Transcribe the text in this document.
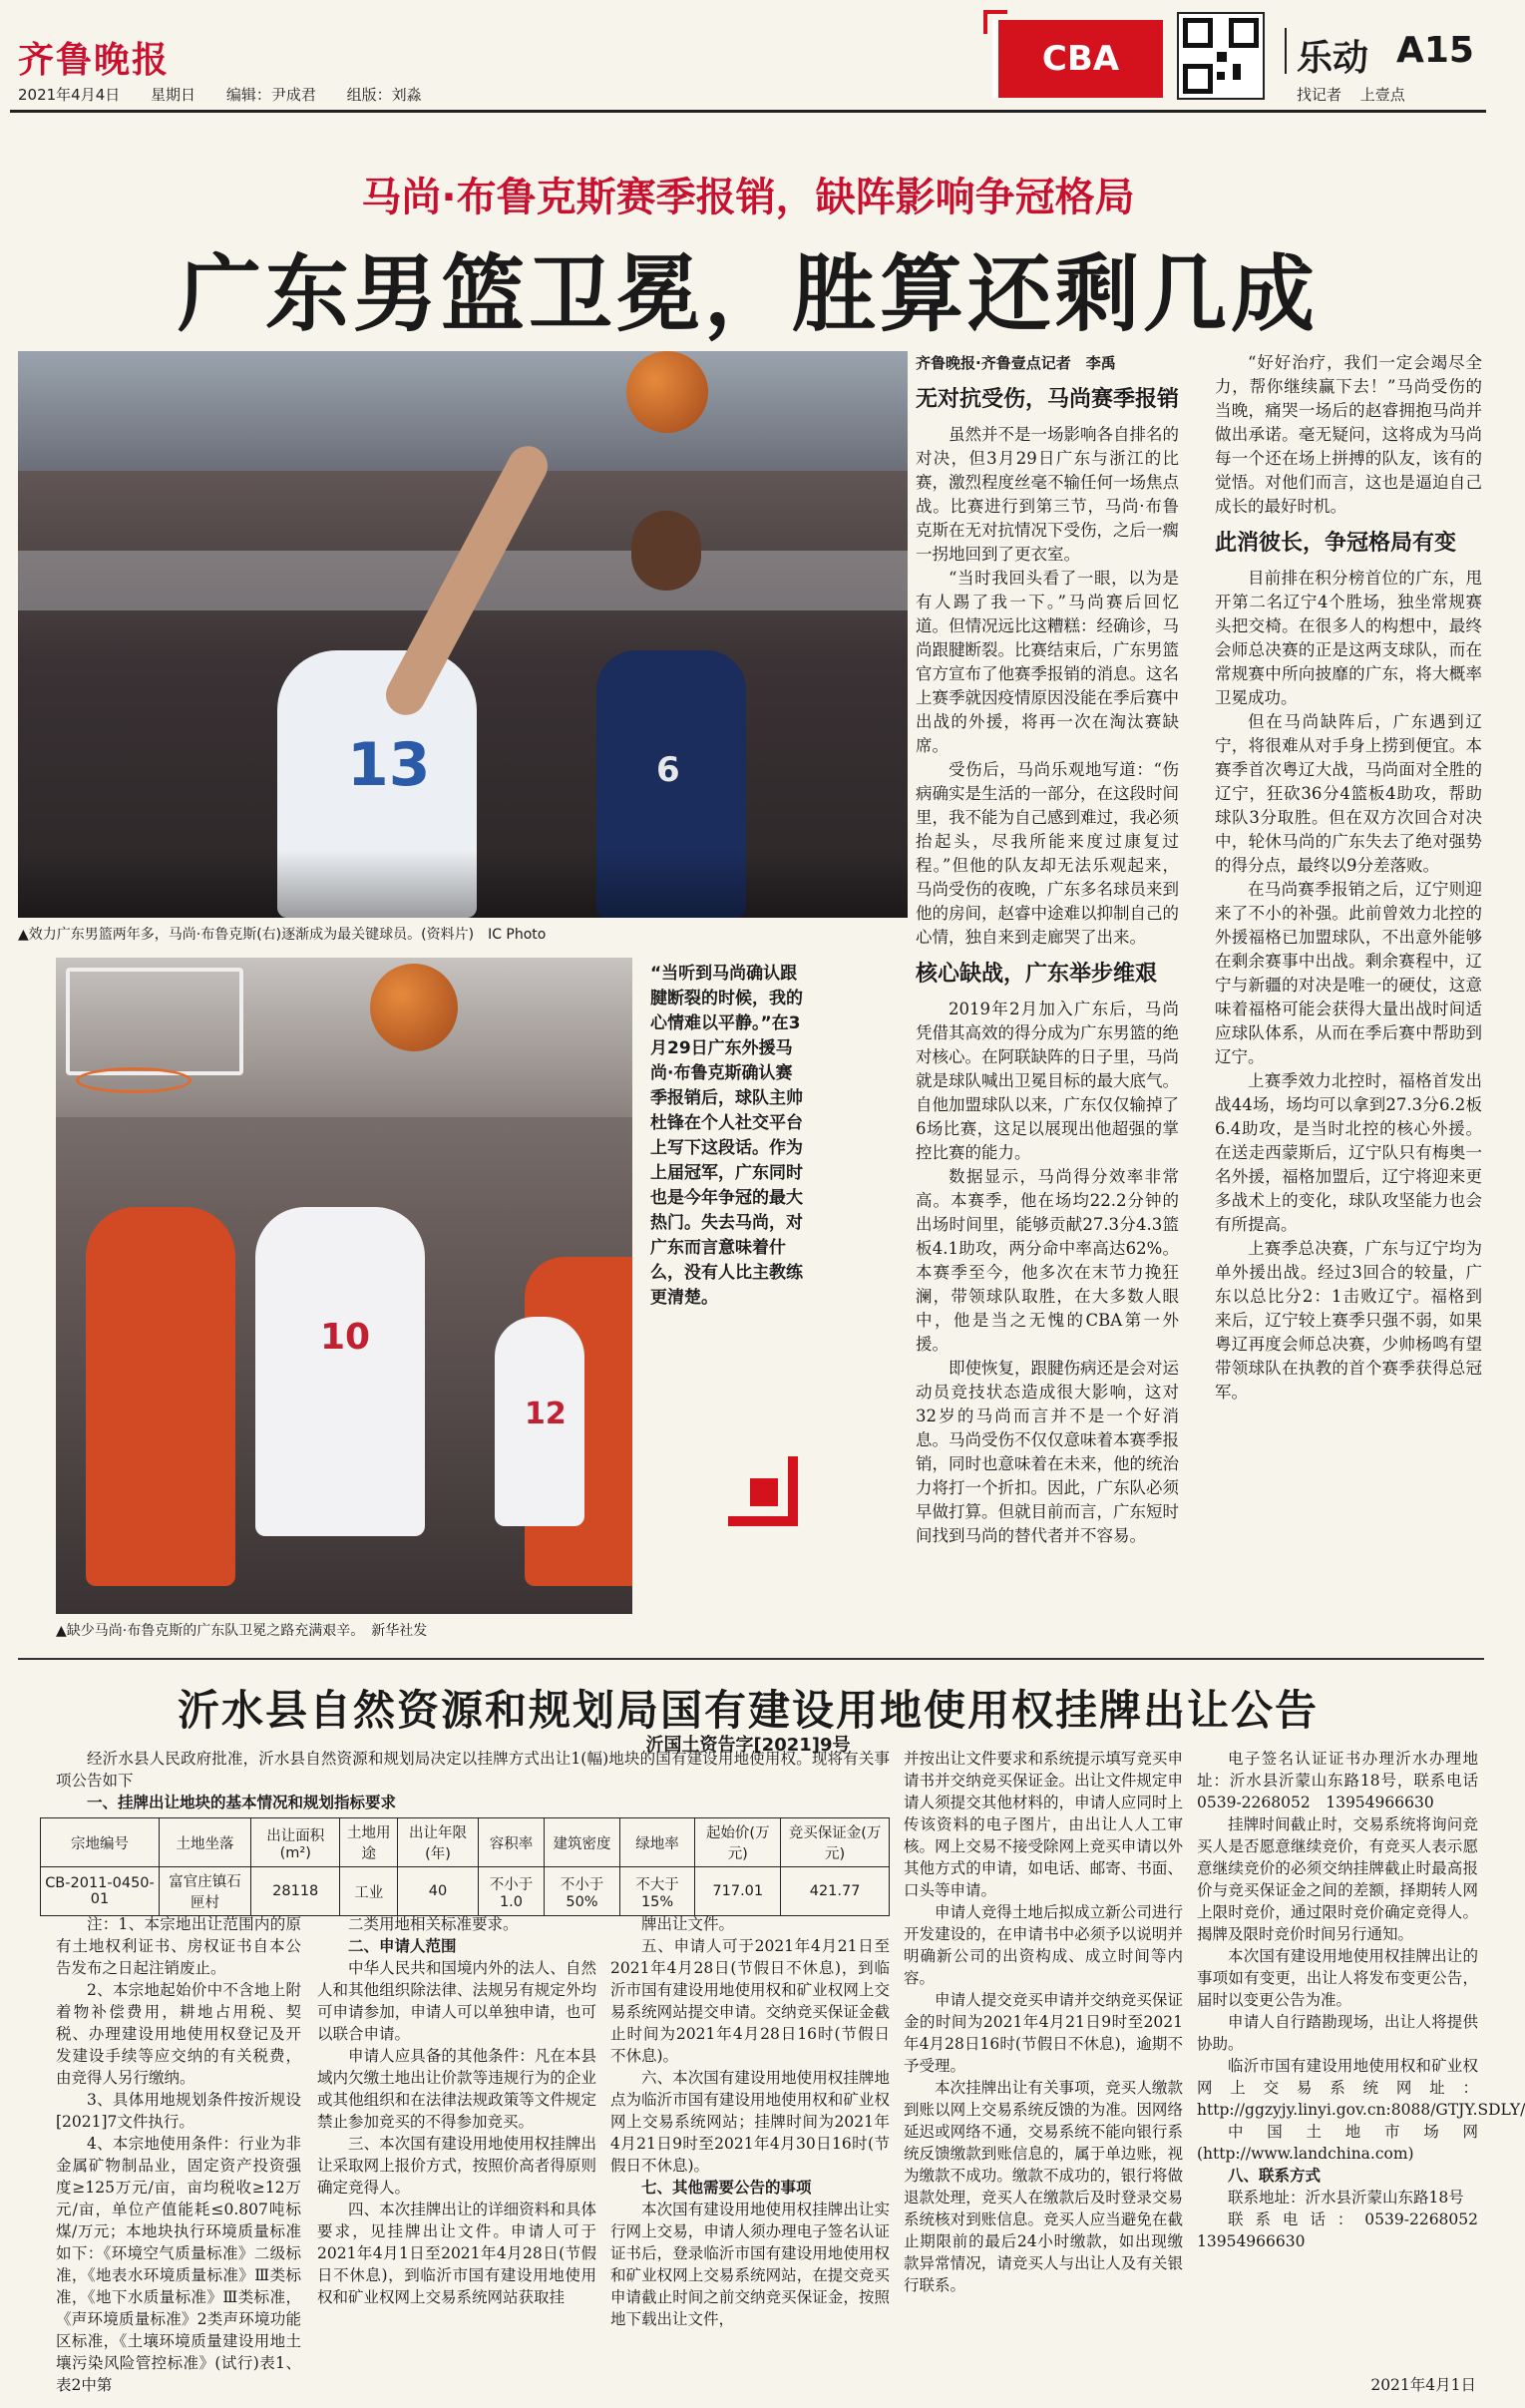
齐鲁晚报
2021年4月4日 星期日 编辑：尹成君 组版：刘淼
CBA	乐动 A15
找记者 上壹点
马尚·布鲁克斯赛季报销，缺阵影响争冠格局
广东男篮卫冕，胜算还剩几成
13	6
▲效力广东男篮两年多，马尚·布鲁克斯(右)逐渐成为最关键球员。(资料片)　IC Photo
10
12
▲缺少马尚·布鲁克斯的广东队卫冕之路充满艰辛。　新华社发
“当听到马尚确认跟腱断裂的时候，我的心情难以平静。”在3月29日广东外援马尚·布鲁克斯确认赛季报销后，球队主帅杜锋在个人社交平台上写下这段话。作为上届冠军，广东同时也是今年争冠的最大热门。失去马尚，对广东而言意味着什么，没有人比主教练更清楚。
齐鲁晚报·齐鲁壹点记者　李禹
无对抗受伤，马尚赛季报销

虽然并不是一场影响各自排名的对决，但3月29日广东与浙江的比赛，激烈程度丝毫不输任何一场焦点战。比赛进行到第三节，马尚·布鲁克斯在无对抗情况下受伤，之后一瘸一拐地回到了更衣室。

“当时我回头看了一眼，以为是有人踢了我一下。”马尚赛后回忆道。但情况远比这糟糕：经确诊，马尚跟腱断裂。比赛结束后，广东男篮官方宣布了他赛季报销的消息。这名上赛季就因疫情原因没能在季后赛中出战的外援，将再一次在淘汰赛缺席。

受伤后，马尚乐观地写道：“伤病确实是生活的一部分，在这段时间里，我不能为自己感到难过，我必须抬起头，尽我所能来度过康复过程。”但他的队友却无法乐观起来，马尚受伤的夜晚，广东多名球员来到他的房间，赵睿中途难以抑制自己的心情，独自来到走廊哭了出来。

核心缺战，广东举步维艰

2019年2月加入广东后，马尚凭借其高效的得分成为广东男篮的绝对核心。在阿联缺阵的日子里，马尚就是球队喊出卫冕目标的最大底气。自他加盟球队以来，广东仅仅输掉了6场比赛，这足以展现出他超强的掌控比赛的能力。

数据显示，马尚得分效率非常高。本赛季，他在场均22.2分钟的出场时间里，能够贡献27.3分4.3篮板4.1助攻，两分命中率高达62%。本赛季至今，他多次在末节力挽狂澜，带领球队取胜，在大多数人眼中，他是当之无愧的CBA第一外援。

即使恢复，跟腱伤病还是会对运动员竞技状态造成很大影响，这对32岁的马尚而言并不是一个好消息。马尚受伤不仅仅意味着本赛季报销，同时也意味着在未来，他的统治力将打一个折扣。因此，广东队必须早做打算。但就目前而言，广东短时间找到马尚的替代者并不容易。

“好好治疗，我们一定会竭尽全力，帮你继续赢下去！”马尚受伤的当晚，痛哭一场后的赵睿拥抱马尚并做出承诺。毫无疑问，这将成为马尚每一个还在场上拼搏的队友，该有的觉悟。对他们而言，这也是逼迫自己成长的最好时机。

此消彼长，争冠格局有变

目前排在积分榜首位的广东，甩开第二名辽宁4个胜场，独坐常规赛头把交椅。在很多人的构想中，最终会师总决赛的正是这两支球队，而在常规赛中所向披靡的广东，将大概率卫冕成功。

但在马尚缺阵后，广东遇到辽宁，将很难从对手身上捞到便宜。本赛季首次粤辽大战，马尚面对全胜的辽宁，狂砍36分4篮板4助攻，帮助球队3分取胜。但在双方次回合对决中，轮休马尚的广东失去了绝对强势的得分点，最终以9分差落败。

在马尚赛季报销之后，辽宁则迎来了不小的补强。此前曾效力北控的外援福格已加盟球队，不出意外能够在剩余赛事中出战。剩余赛程中，辽宁与新疆的对决是唯一的硬仗，这意味着福格可能会获得大量出战时间适应球队体系，从而在季后赛中帮助到辽宁。

上赛季效力北控时，福格首发出战44场，场均可以拿到27.3分6.2板6.4助攻，是当时北控的核心外援。在送走西蒙斯后，辽宁队只有梅奥一名外援，福格加盟后，辽宁将迎来更多战术上的变化，球队攻坚能力也会有所提高。

上赛季总决赛，广东与辽宁均为单外援出战。经过3回合的较量，广东以总比分2：1击败辽宁。福格到来后，辽宁较上赛季只强不弱，如果粤辽再度会师总决赛，少帅杨鸣有望带领球队在执教的首个赛季获得总冠军。

沂水县自然资源和规划局国有建设用地使用权挂牌出让公告
沂国土资告字[2021]9号

经沂水县人民政府批准，沂水县自然资源和规划局决定以挂牌方式出让1(幅)地块的国有建设用地使用权。现将有关事项公告如下

一、挂牌出让地块的基本情况和规划指标要求

宗地编号	土地坐落	出让面积(m²)	土地用途	出让年限(年)	容积率	建筑密度	绿地率	起始价(万元)	竞买保证金(万元)
CB-2011-0450-01	富官庄镇石匣村	28118	工业	40	不小于1.0	不小于50%	不大于15%	717.01	421.77

注：1、本宗地出让范围内的原有土地权利证书、房权证书自本公告发布之日起注销废止。

2、本宗地起始价中不含地上附着物补偿费用，耕地占用税、契税、办理建设用地使用权登记及开发建设手续等应交纳的有关税费，由竞得人另行缴纳。

3、具体用地规划条件按沂规设[2021]7文件执行。

4、本宗地使用条件：行业为非金属矿物制品业，固定资产投资强度≥125万元/亩，亩均税收≥12万元/亩，单位产值能耗≤0.807吨标煤/万元；本地块执行环境质量标准如下：《环境空气质量标准》二级标准，《地表水环境质量标准》Ⅲ类标准，《地下水质量标准》Ⅲ类标准，《声环境质量标准》2类声环境功能区标准，《土壤环境质量建设用地土壤污染风险管控标准》(试行)表1、表2中第

二类用地相关标准要求。

二、申请人范围

中华人民共和国境内外的法人、自然人和其他组织除法律、法规另有规定外均可申请参加，申请人可以单独申请，也可以联合申请。

申请人应具备的其他条件：凡在本县域内欠缴土地出让价款等违规行为的企业或其他组织和在法律法规政策等文件规定禁止参加竞买的不得参加竞买。

三、本次国有建设用地使用权挂牌出让采取网上报价方式，按照价高者得原则确定竞得人。

四、本次挂牌出让的详细资料和具体要求，见挂牌出让文件。申请人可于2021年4月1日至2021年4月28日(节假日不休息)，到临沂市国有建设用地使用权和矿业权网上交易系统网站获取挂

牌出让文件。

五、申请人可于2021年4月21日至2021年4月28日(节假日不休息)，到临沂市国有建设用地使用权和矿业权网上交易系统网站提交申请。交纳竞买保证金截止时间为2021年4月28日16时(节假日不休息)。

六、本次国有建设用地使用权挂牌地点为临沂市国有建设用地使用权和矿业权网上交易系统网站；挂牌时间为2021年4月21日9时至2021年4月30日16时(节假日不休息)。

七、其他需要公告的事项

本次国有建设用地使用权挂牌出让实行网上交易，申请人须办理电子签名认证证书后，登录临沂市国有建设用地使用权和矿业权网上交易系统网站，在提交竞买申请截止时间之前交纳竞买保证金，按照地下载出让文件，

并按出让文件要求和系统提示填写竞买申请书并交纳竞买保证金。出让文件规定申请人须提交其他材料的，申请人应同时上传该资料的电子图片，由出让人人工审核。网上交易不接受除网上竞买申请以外其他方式的申请，如电话、邮寄、书面、口头等申请。

申请人竞得土地后拟成立新公司进行开发建设的，在申请书中必须予以说明并明确新公司的出资构成、成立时间等内容。

申请人提交竞买申请并交纳竞买保证金的时间为2021年4月21日9时至2021年4月28日16时(节假日不休息)，逾期不予受理。

本次挂牌出让有关事项，竞买人缴款到账以网上交易系统反馈的为准。因网络延迟或网络不通，交易系统不能向银行系统反馈缴款到账信息的，属于单边账，视为缴款不成功。缴款不成功的，银行将做退款处理，竞买人在缴款后及时登录交易系统核对到账信息。竞买人应当避免在截止期限前的最后24小时缴款，如出现缴款异常情况，请竞买人与出让人及有关银行联系。

电子签名认证证书办理沂水办理地址：沂水县沂蒙山东路18号，联系电话0539-2268052　13954966630

挂牌时间截止时，交易系统将询问竞买人是否愿意继续竞价，有竞买人表示愿意继续竞价的必须交纳挂牌截止时最高报价与竞买保证金之间的差额，择期转人网上限时竞价，通过限时竞价确定竞得人。揭牌及限时竞价时间另行通知。

本次国有建设用地使用权挂牌出让的事项如有变更，出让人将发布变更公告，届时以变更公告为准。

申请人自行踏勘现场，出让人将提供协助。

临沂市国有建设用地使用权和矿业权网上交易系统网址：http://ggzyjy.linyi.gov.cn:8088/GTJY.SDLY/

中国土地市场网(http://www.landchina.com)

八、联系方式

联系地址：沂水县沂蒙山东路18号

联系电话：0539-2268052　13954966630

2021年4月1日
